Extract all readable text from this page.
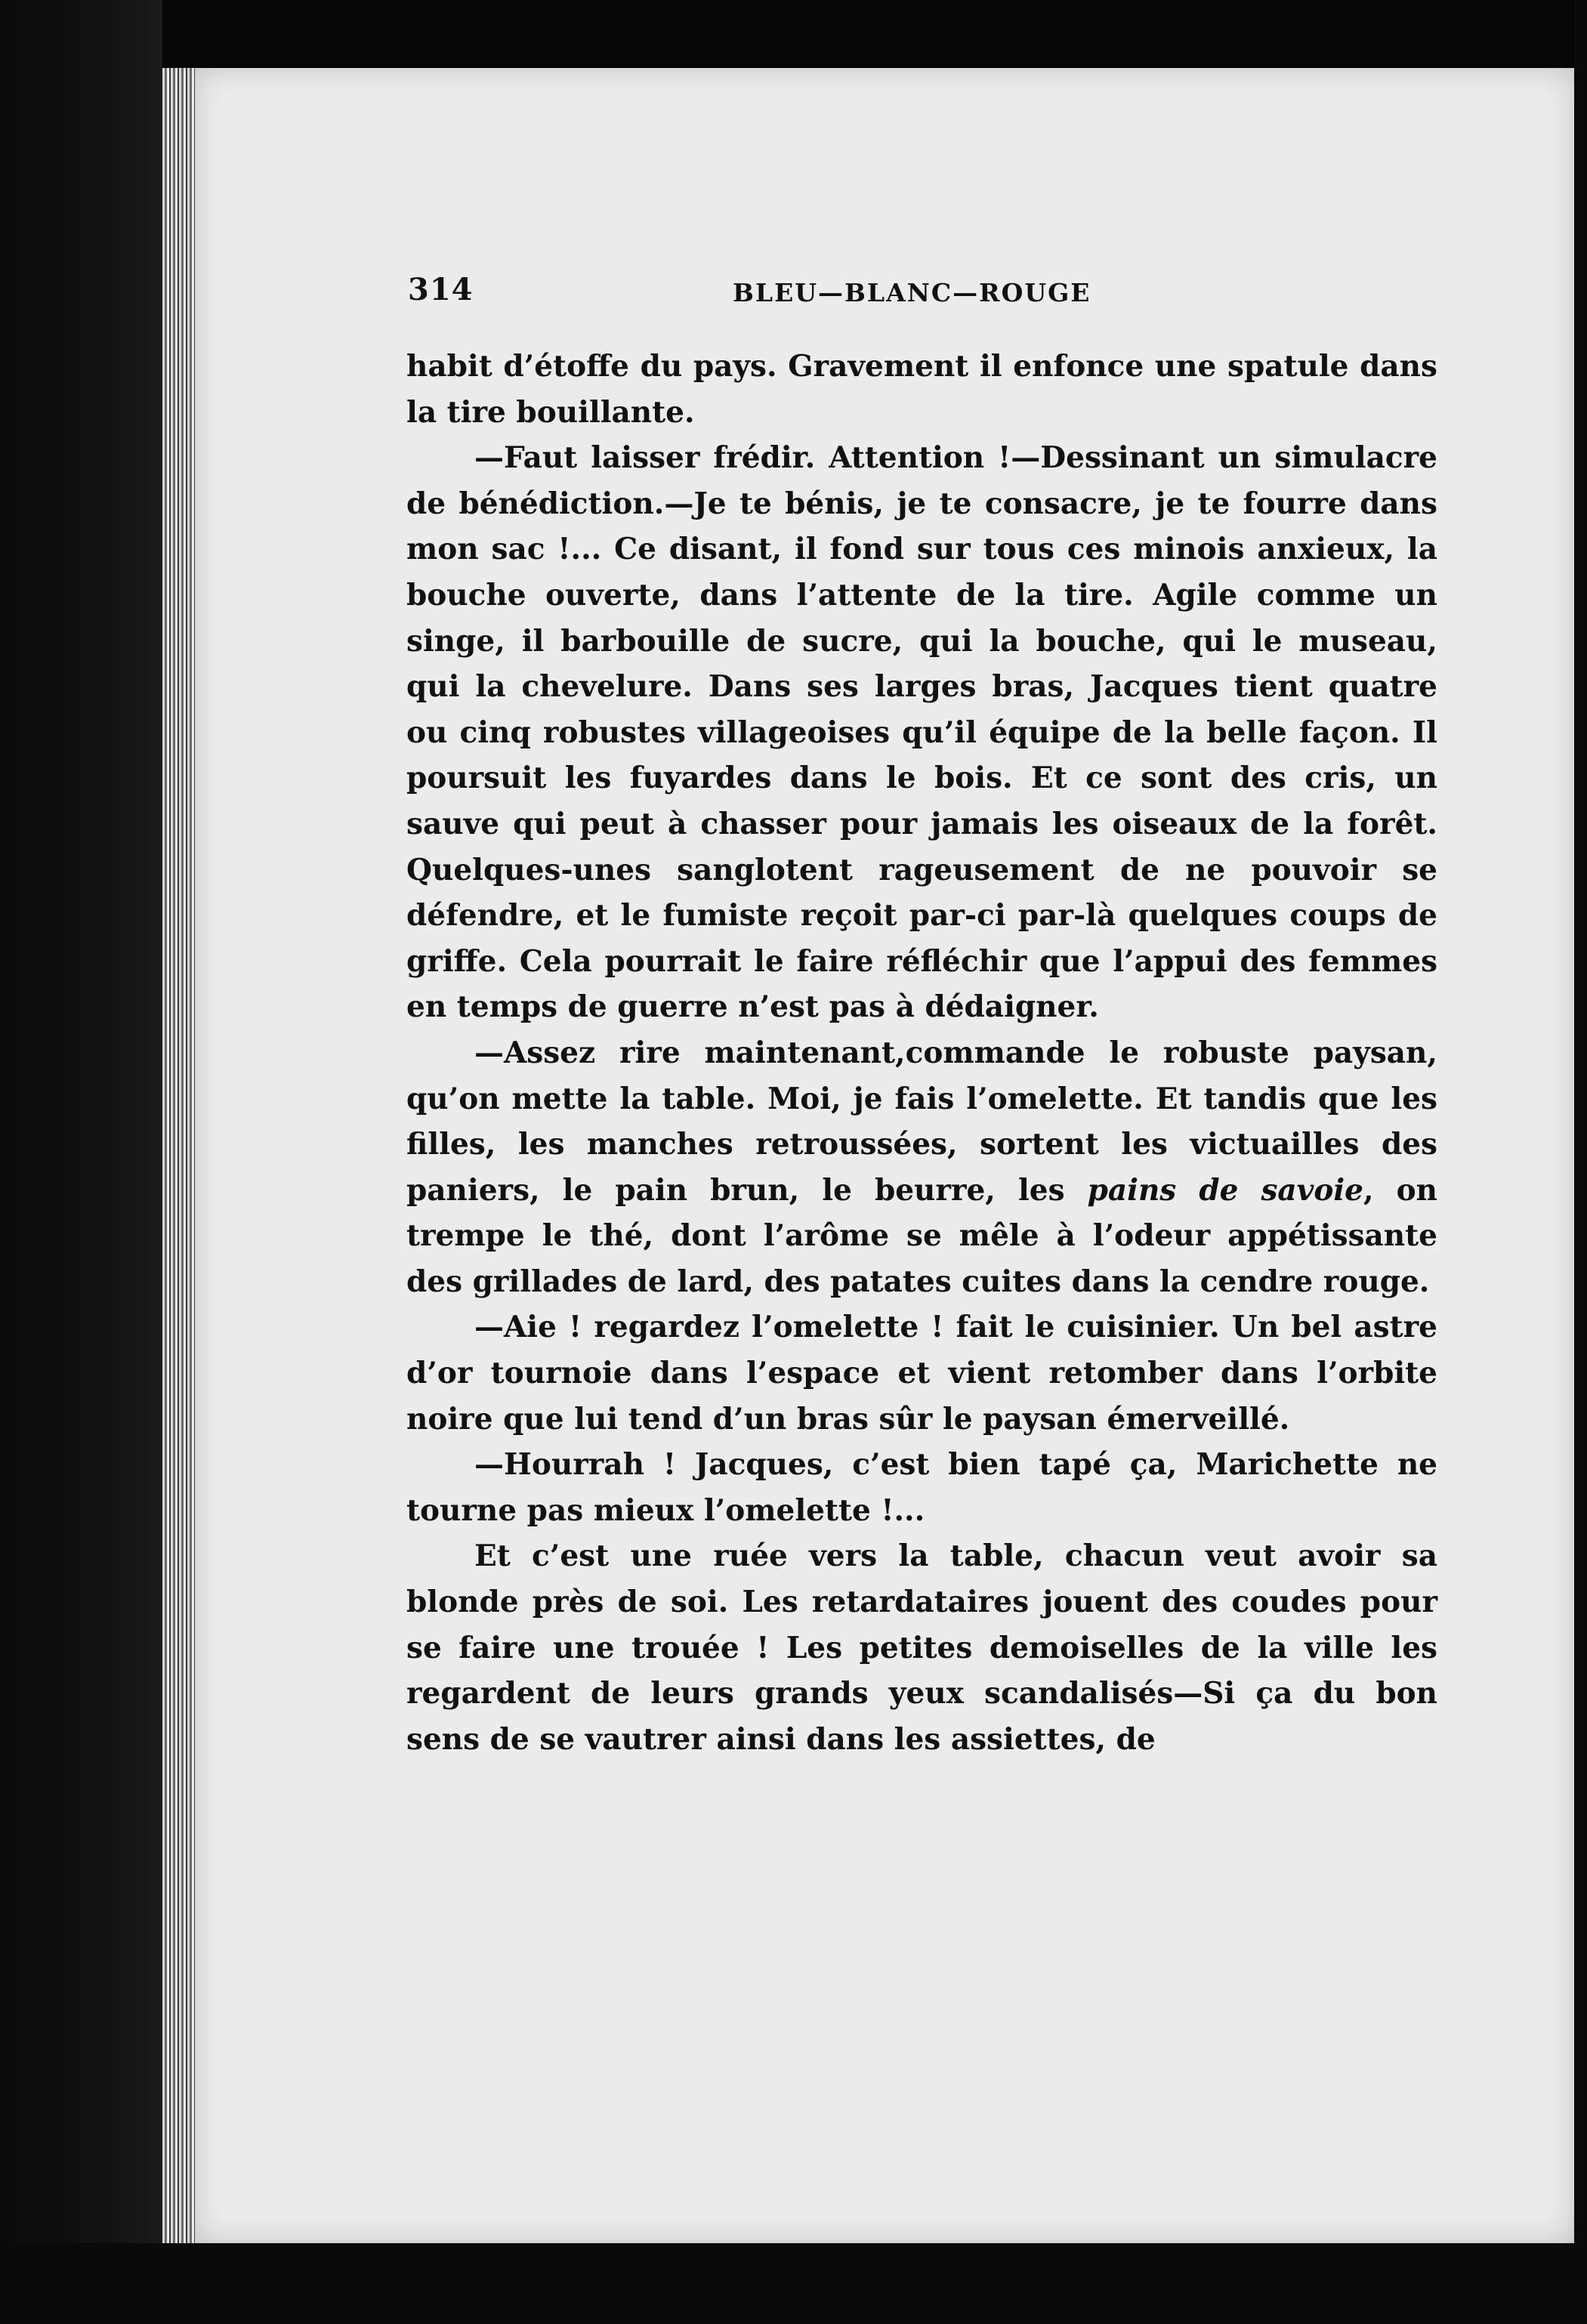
314	BLEU—BLANC—ROUGE

habit d’étoffe du pays. Gravement il enfonce une spatule dans la tire bouillante.

—Faut laisser frédir. Attention !—Dessinant un simulacre de bénédiction.—Je te bénis, je te consacre, je te fourre dans mon sac !... Ce disant, il fond sur tous ces minois anxieux, la bouche ouverte, dans l’attente de la tire. Agile comme un singe, il barbouille de sucre, qui la bouche, qui le museau, qui la chevelure. Dans ses larges bras, Jacques tient quatre ou cinq robustes villageoises qu’il équipe de la belle façon. Il poursuit les fuyardes dans le bois. Et ce sont des cris, un sauve qui peut à chasser pour jamais les oiseaux de la forêt. Quelques-unes sanglotent rageusement de ne pouvoir se défendre, et le fumiste reçoit par-ci par-là quelques coups de griffe. Cela pourrait le faire réfléchir que l’appui des femmes en temps de guerre n’est pas à dédaigner.

—Assez rire maintenant,commande le robuste paysan, qu’on mette la table. Moi, je fais l’omelette. Et tandis que les filles, les manches retroussées, sortent les victuailles des paniers, le pain brun, le beurre, les pains de savoie, on trempe le thé, dont l’arôme se mêle à l’odeur appétissante des grillades de lard, des patates cuites dans la cendre rouge.

—Aie ! regardez l’omelette ! fait le cuisinier. Un bel astre d’or tournoie dans l’espace et vient retomber dans l’orbite noire que lui tend d’un bras sûr le paysan émerveillé.

—Hourrah ! Jacques, c’est bien tapé ça, Marichette ne tourne pas mieux l’omelette !...

Et c’est une ruée vers la table, chacun veut avoir sa blonde près de soi. Les retardataires jouent des coudes pour se faire une trouée ! Les petites demoiselles de la ville les regardent de leurs grands yeux scandalisés—Si ça du bon sens de se vautrer ainsi dans les assiettes, de
